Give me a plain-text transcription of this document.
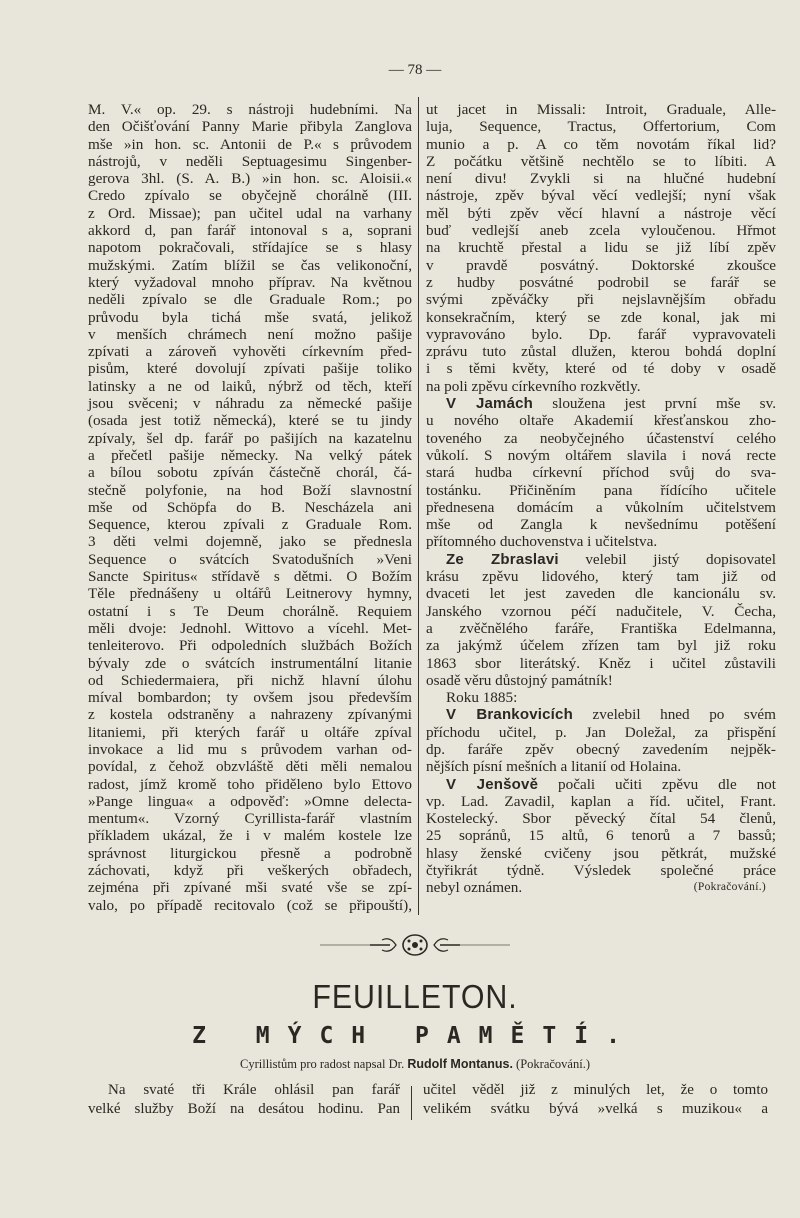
— 78 —
M. V.« op. 29. s nástroji hudebními. Na
den Očišťování Panny Marie přibyla Zanglova
mše »in hon. sc. Antonii de P.« s průvodem
nástrojů, v neděli Septuagesimu Singenber-
gerova 3hl. (S. A. B.) »in hon. sc. Aloisii.«
Credo zpívalo se obyčejně chorálně (III.
z Ord. Missae); pan učitel udal na varhany
akkord d, pan farář intonoval s a, soprani
napotom pokračovali, střídajíce se s hlasy
mužskými. Zatím blížil se čas velikonoční,
který vyžadoval mnoho příprav. Na květnou
neděli zpívalo se dle Graduale Rom.; po
průvodu byla tichá mše svatá, jelikož
v menších chrámech není možno pašije
zpívati a zároveň vyhověti církevním před-
pisům, které dovolují zpívati pašije toliko
latinsky a ne od laiků, nýbrž od těch, kteří
jsou svěceni; v náhradu za německé pašije
(osada jest totiž německá), které se tu jindy
zpívaly, šel dp. farář po pašijích na kazatelnu
a přečetl pašije německy. Na velký pátek
a bílou sobotu zpíván částečně chorál, čá-
stečně polyfonie, na hod Boží slavnostní
mše od Schöpfa do B. Nescházela ani
Sequence, kterou zpívali z Graduale Rom.
3 děti velmi dojemně, jako se přednesla
Sequence o svátcích Svatodušních »Veni
Sancte Spiritus« střídavě s dětmi. O Božím
Těle přednášeny u oltářů Leitnerovy hymny,
ostatní i s Te Deum chorálně. Requiem
měli dvoje: Jednohl. Wittovo a vícehl. Met-
tenleiterovo. Při odpoledních službách Božích
bývaly zde o svátcích instrumentální litanie
od Schiedermaiera, při nichž hlavní úlohu
míval bombardon; ty ovšem jsou především
z kostela odstraněny a nahrazeny zpívanými
litaniemi, při kterých farář u oltáře zpíval
invokace a lid mu s průvodem varhan od-
povídal, z čehož obzvláště děti měli nemalou
radost, jímž kromě toho přiděleno bylo Ettovo
»Pange lingua« a odpověď: »Omne delecta-
mentum«. Vzorný Cyrillista-farář vlastním
příkladem ukázal, že i v malém kostele lze
správnost liturgickou přesně a podrobně
záchovati, když při veškerých obřadech,
zejména při zpívané mši svaté vše se zpí-
valo, po případě recitovalo (což se připouští),
ut jacet in Missali: Introit, Graduale, Alle-
luja, Sequence, Tractus, Offertorium, Com
munio a p. A co těm novotám říkal lid?
Z počátku většině nechtělo se to líbiti. A
není divu! Zvykli si na hlučné hudební
nástroje, zpěv býval věcí vedlejší; nyní však
měl býti zpěv věcí hlavní a nástroje věcí
buď vedlejší aneb zcela vyloučenou. Hřmot
na kruchtě přestal a lidu se již líbí zpěv
v pravdě posvátný. Doktorské zkoušce
z hudby posvátné podrobil se farář se
svými zpěváčky při nejslavnějším obřadu
konsekračním, který se zde konal, jak mi
vypravováno bylo. Dp. farář vypravovateli
zprávu tuto zůstal dlužen, kterou bohdá doplní
i s těmi květy, které od té doby v osadě
na poli zpěvu církevního rozkvětly.
V Jamách sloužena jest první mše sv.
u nového oltaře Akademií křesťanskou zho-
toveného za neobyčejného účastenství celého
vůkolí. S novým oltářem slavila i nová recte
stará hudba církevní příchod svůj do sva-
tostánku. Přičiněním pana řídícího učitele
přednesena domácím a vůkolním učitelstvem
mše od Zangla k nevšednímu potěšení
přítomného duchovenstva i učitelstva.
Ze Zbraslavi velebil jistý dopisovatel
krásu zpěvu lidového, který tam již od
dvaceti let jest zaveden dle kancionálu sv.
Janského vzornou péčí nadučitele, V. Čecha,
a zvěčnělého faráře, Františka Edelmanna,
za jakýmž účelem zřízen tam byl již roku
1863 sbor literátský. Kněz i učitel zůstavili
osadě věru důstojný památník!
Roku 1885:
V Brankovicích zvelebil hned po svém
příchodu učitel, p. Jan Doležal, za přispění
dp. faráře zpěv obecný zavedením nejpěk-
nějších písní mešních a litanií od Holaina.
V Jenšově počali učiti zpěvu dle not
vp. Lad. Zavadil, kaplan a říd. učitel, Frant.
Kostelecký. Sbor pěvecký čítal 54 členů,
25 sopránů, 15 altů, 6 tenorů a 7 bassů;
hlasy ženské cvičeny jsou pětkrát, mužské
čtyřikrát týdně. Výsledek společné práce
nebyl oznámen.	(Pokračování.)
FEUILLETON.
Z MÝCH PAMĚTÍ.
Cyrillistům pro radost napsal Dr. Rudolf Montanus. (Pokračování.)
Na svaté tři Krále ohlásil pan farář
velké služby Boží na desátou hodinu. Pan
učitel věděl již z minulých let, že o tomto
velikém svátku bývá »velká s muzikou« a
